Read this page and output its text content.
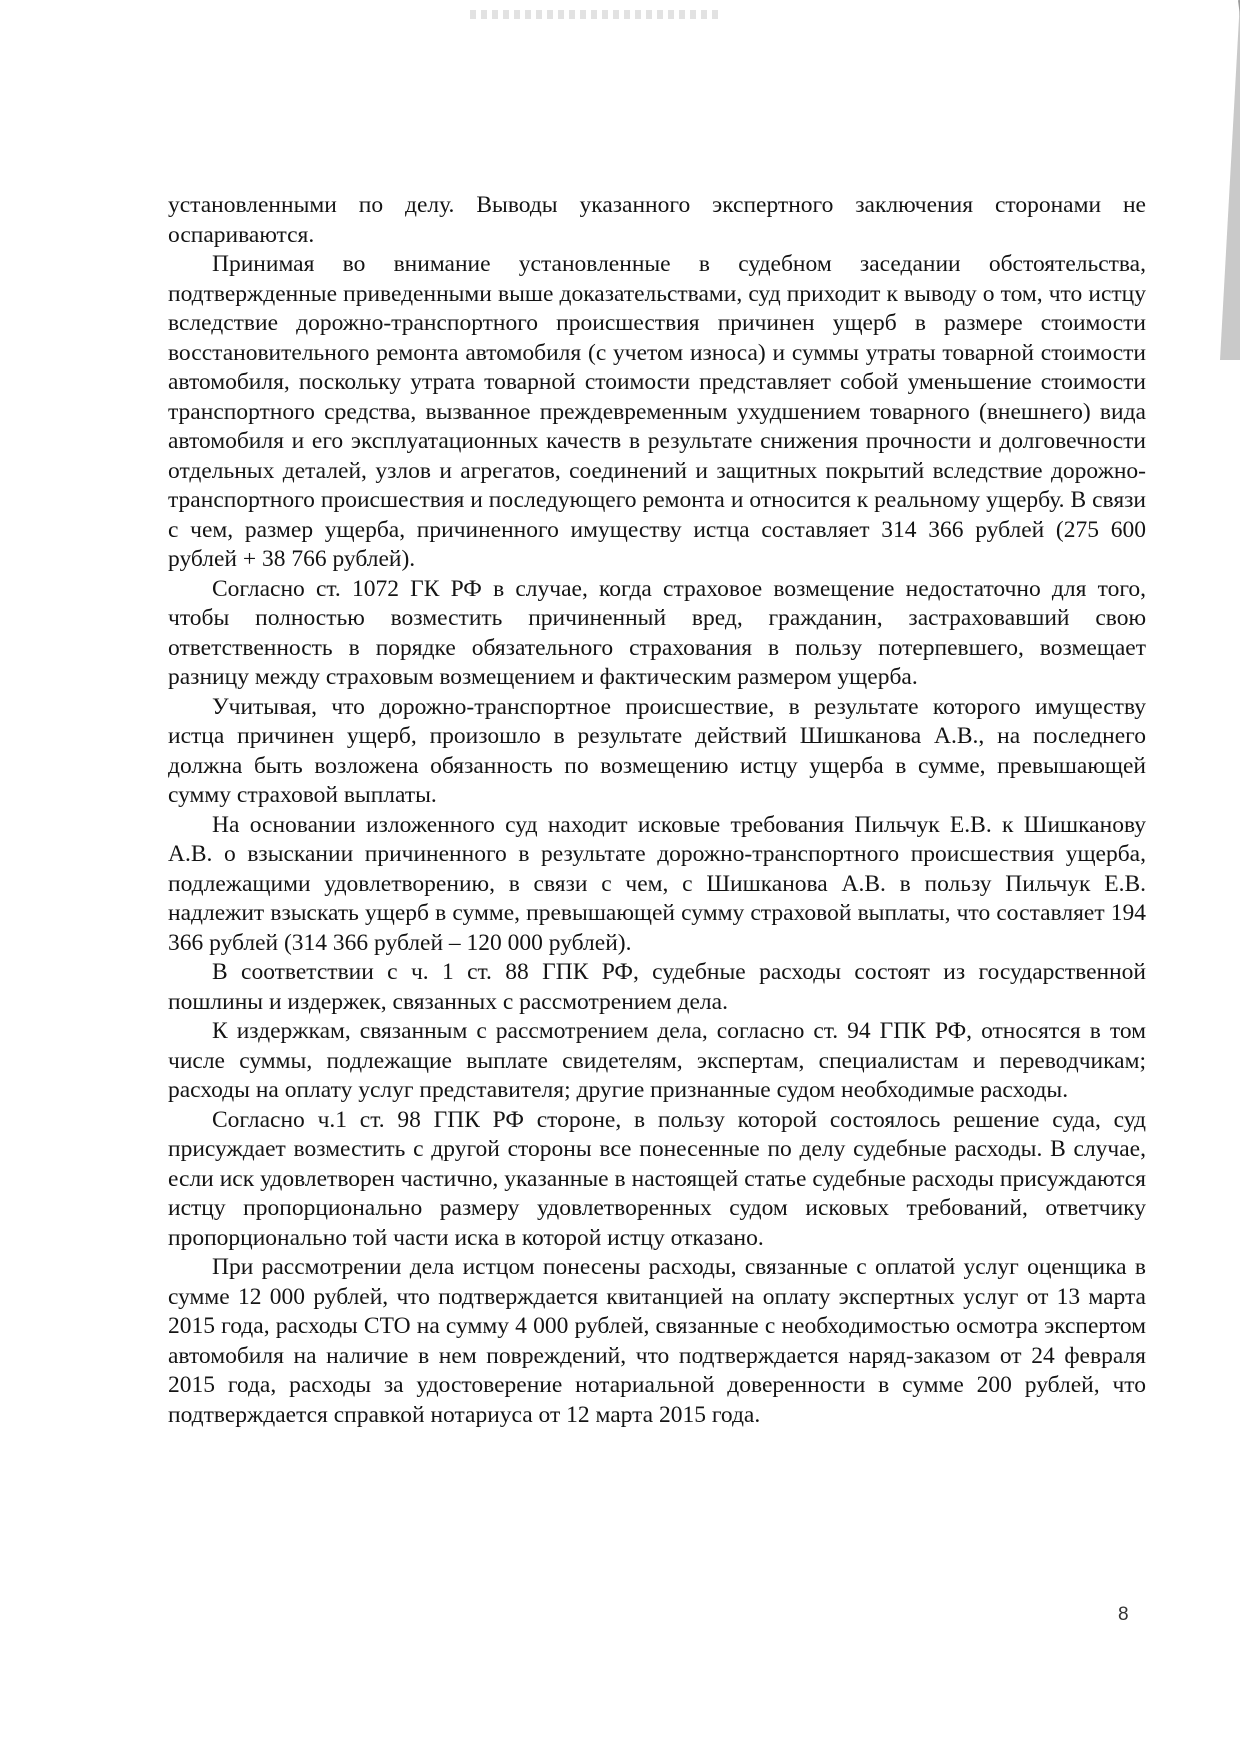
установленными по делу. Выводы указанного экспертного заключения сторонами не оспариваются.

Принимая во внимание установленные в судебном заседании обстоятельства, подтвержденные приведенными выше доказательствами, суд приходит к выводу о том, что истцу вследствие дорожно-транспортного происшествия причинен ущерб в размере стоимости восстановительного ремонта автомобиля (с учетом износа) и суммы утраты товарной стоимости автомобиля, поскольку утрата товарной стоимости представляет собой уменьшение стоимости транспортного средства, вызванное преждевременным ухудшением товарного (внешнего) вида автомобиля и его эксплуатационных качеств в результате снижения прочности и долговечности отдельных деталей, узлов и агрегатов, соединений и защитных покрытий вследствие дорожно-транспортного происшествия и последующего ремонта и относится к реальному ущербу. В связи с чем, размер ущерба, причиненного имуществу истца составляет 314 366 рублей (275 600 рублей + 38 766 рублей).

Согласно ст. 1072 ГК РФ в случае, когда страховое возмещение недостаточно для того, чтобы полностью возместить причиненный вред, гражданин, застраховавший свою ответственность в порядке обязательного страхования в пользу потерпевшего, возмещает разницу между страховым возмещением и фактическим размером ущерба.

Учитывая, что дорожно-транспортное происшествие, в результате которого имуществу истца причинен ущерб, произошло в результате действий Шишканова А.В., на последнего должна быть возложена обязанность по возмещению истцу ущерба в сумме, превышающей сумму страховой выплаты.

На основании изложенного суд находит исковые требования Пильчук Е.В. к Шишканову А.В. о взыскании причиненного в результате дорожно-транспортного происшествия ущерба, подлежащими удовлетворению, в связи с чем, с Шишканова А.В. в пользу Пильчук Е.В. надлежит взыскать ущерб в сумме, превышающей сумму страховой выплаты, что составляет 194 366 рублей (314 366 рублей – 120 000 рублей).

В соответствии с ч. 1 ст. 88 ГПК РФ, судебные расходы состоят из государственной пошлины и издержек, связанных с рассмотрением дела.

К издержкам, связанным с рассмотрением дела, согласно ст. 94 ГПК РФ, относятся в том числе суммы, подлежащие выплате свидетелям, экспертам, специалистам и переводчикам; расходы на оплату услуг представителя; другие признанные судом необходимые расходы.

Согласно ч.1 ст. 98 ГПК РФ стороне, в пользу которой состоялось решение суда, суд присуждает возместить с другой стороны все понесенные по делу судебные расходы. В случае, если иск удовлетворен частично, указанные в настоящей статье судебные расходы присуждаются истцу пропорционально размеру удовлетворенных судом исковых требований, ответчику пропорционально той части иска в которой истцу отказано.

При рассмотрении дела истцом понесены расходы, связанные с оплатой услуг оценщика в сумме 12 000 рублей, что подтверждается квитанцией на оплату экспертных услуг от 13 марта 2015 года, расходы СТО на сумму 4 000 рублей, связанные с необходимостью осмотра экспертом автомобиля на наличие в нем повреждений, что подтверждается наряд-заказом от 24 февраля 2015 года, расходы за удостоверение нотариальной доверенности в сумме 200 рублей, что подтверждается справкой нотариуса от 12 марта 2015 года.

8
